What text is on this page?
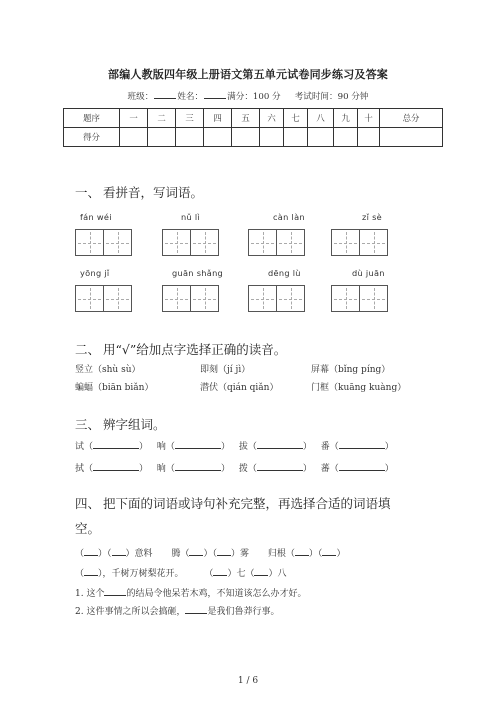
部编人教版四年级上册语文第五单元试卷同步练习及答案
班级：	姓名：	满分：100 分 考试时间：90 分钟
题序	一	二	三	四	五	六	七	八	九	十	总分
得分											
一、 看拼音，写词语。
fán wéi	nǔ lì	càn làn	zǐ sè
yōng jǐ	guān shǎng	dēng lù	dù juān
二、 用“√”给加点字选择正确的读音。
竖立（shù sù）	即刻（jí jì）	屏幕（bǐng píng）
蝙蝠（biān biǎn）	潜伏（qián qiǎn）	门框（kuāng kuàng）
三、 辨字组词。
试（	） 响（	） 拔（	） 番（	）
拭（	） 晌（	） 拨（	） 蕃（	）
四、 把下面的词语或诗句补充完整，再选择合适的词语填
空。
（ ）（ ）意料 腾（ ）（ ）雾 归根（ ）（ ）
（ ），千树万树梨花开。 （ ）七（ ）八
1. 这个 的结局令他呆若木鸡，不知道该怎么办才好。
2. 这件事情之所以会搞砸， 是我们鲁莽行事。
1 / 6
